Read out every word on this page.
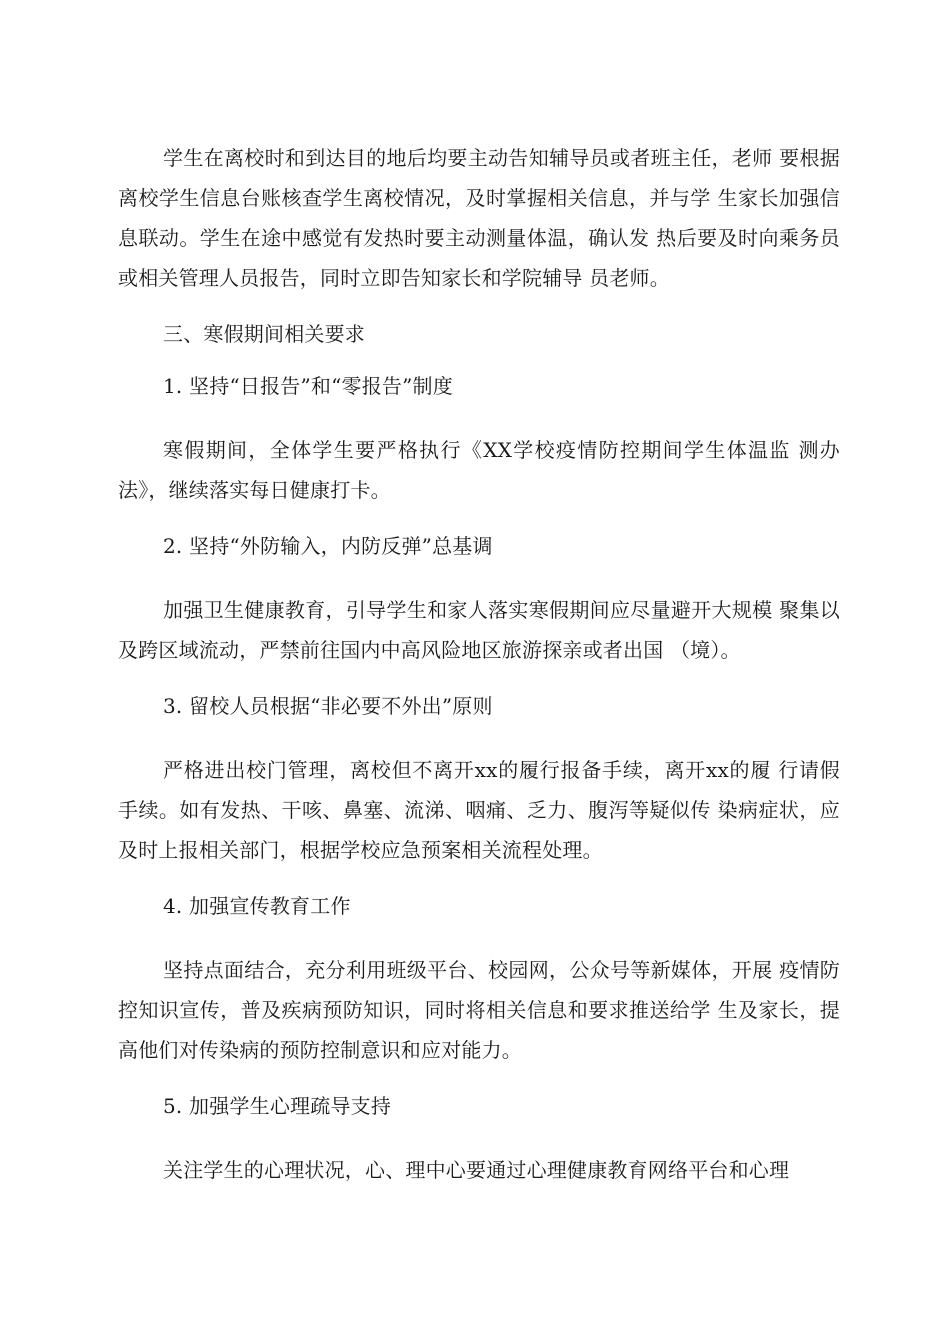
学生在离校时和到达目的地后均要主动告知辅导员或者班主任，老师 要根据离校学生信息台账核查学生离校情况，及时掌握相关信息，并与学 生家长加强信息联动。学生在途中感觉有发热时要主动测量体温，确认发 热后要及时向乘务员或相关管理人员报告，同时立即告知家长和学院辅导 员老师。

三、寒假期间相关要求

1. 坚持“日报告”和“零报告”制度

寒假期间，全体学生要严格执行《XX学校疫情防控期间学生体温监 测办法》，继续落实每日健康打卡。

2. 坚持“外防输入，内防反弹”总基调

加强卫生健康教育，引导学生和家人落实寒假期间应尽量避开大规模 聚集以及跨区域流动，严禁前往国内中高风险地区旅游探亲或者出国 （境）。

3. 留校人员根据“非必要不外出”原则

严格进出校门管理，离校但不离开xx的履行报备手续，离开xx的履 行请假手续。如有发热、干咳、鼻塞、流涕、咽痛、乏力、腹泻等疑似传 染病症状，应及时上报相关部门，根据学校应急预案相关流程处理。

4. 加强宣传教育工作

坚持点面结合，充分利用班级平台、校园网，公众号等新媒体，开展 疫情防控知识宣传，普及疾病预防知识，同时将相关信息和要求推送给学 生及家长，提高他们对传染病的预防控制意识和应对能力。

5. 加强学生心理疏导支持

关注学生的心理状况，心、理中心要通过心理健康教育网络平台和心理
